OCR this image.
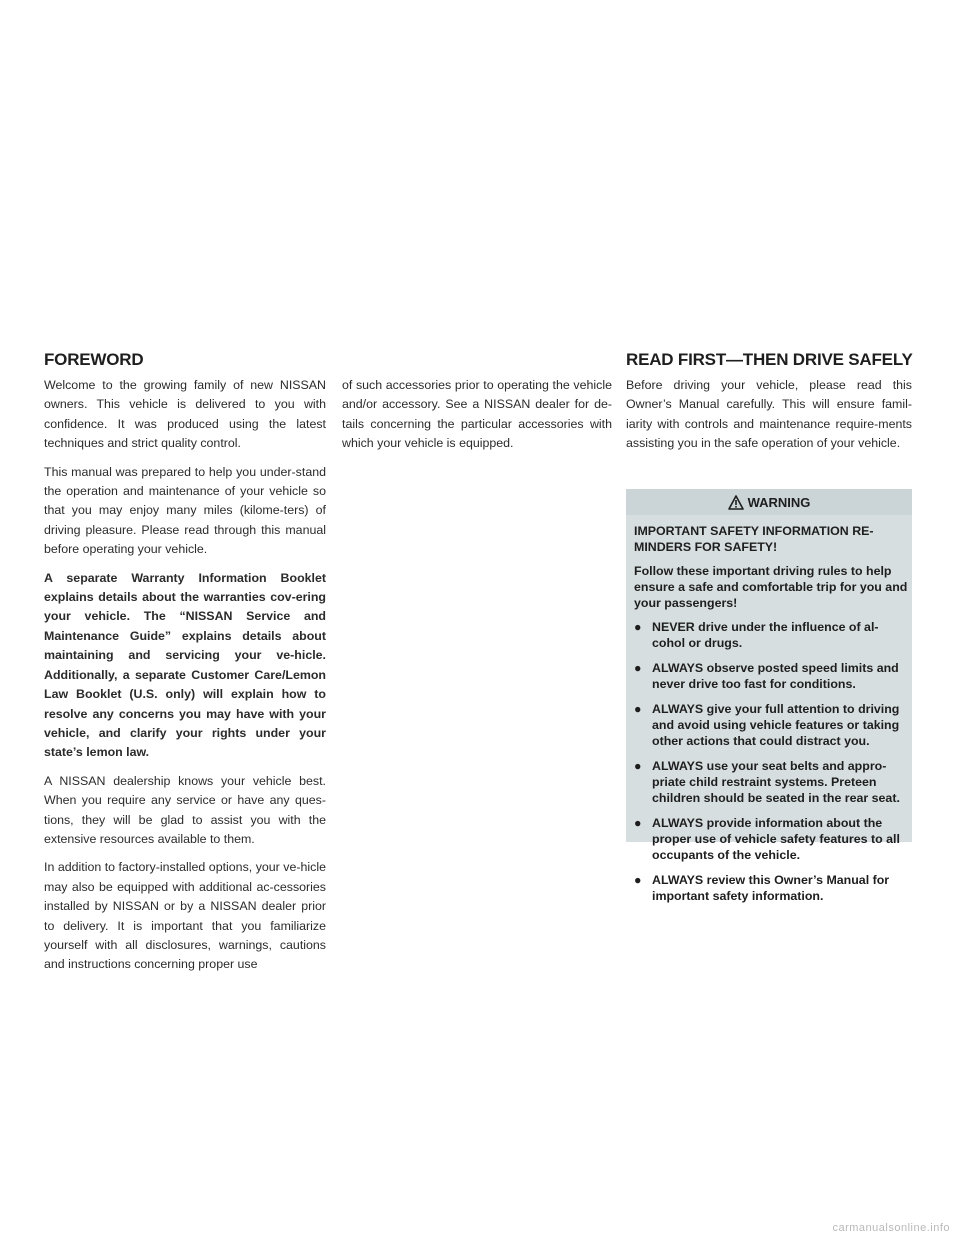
FOREWORD	READ FIRST—THEN DRIVE SAFELY

Welcome to the growing family of new NISSAN owners. This vehicle is delivered to you with confidence. It was produced using the latest techniques and strict quality control.

This manual was prepared to help you under-stand the operation and maintenance of your vehicle so that you may enjoy many miles (kilome-ters) of driving pleasure. Please read through this manual before operating your vehicle.

A separate Warranty Information Booklet explains details about the warranties cov-ering your vehicle. The “NISSAN Service and Maintenance Guide” explains details about maintaining and servicing your ve-hicle. Additionally, a separate Customer Care/Lemon Law Booklet (U.S. only) will explain how to resolve any concerns you may have with your vehicle, and clarify your rights under your state’s lemon law.

A NISSAN dealership knows your vehicle best. When you require any service or have any ques-tions, they will be glad to assist you with the extensive resources available to them.

In addition to factory-installed options, your ve-hicle may also be equipped with additional ac-cessories installed by NISSAN or by a NISSAN dealer prior to delivery. It is important that you familiarize yourself with all disclosures, warnings, cautions and instructions concerning proper use

of such accessories prior to operating the vehicle and/or accessory. See a NISSAN dealer for de-tails concerning the particular accessories with which your vehicle is equipped.

Before driving your vehicle, please read this Owner’s Manual carefully. This will ensure famil-iarity with controls and maintenance require-ments assisting you in the safe operation of your vehicle.

WARNING

IMPORTANT SAFETY INFORMATION RE-MINDERS FOR SAFETY!

Follow these important driving rules to help ensure a safe and comfortable trip for you and your passengers!

● NEVER drive under the influence of al-cohol or drugs.
● ALWAYS observe posted speed limits and never drive too fast for conditions.
● ALWAYS give your full attention to driving and avoid using vehicle features or taking other actions that could distract you.
● ALWAYS use your seat belts and appro-priate child restraint systems. Preteen children should be seated in the rear seat.
● ALWAYS provide information about the proper use of vehicle safety features to all occupants of the vehicle.
● ALWAYS review this Owner’s Manual for important safety information.
carmanualsonline.info
